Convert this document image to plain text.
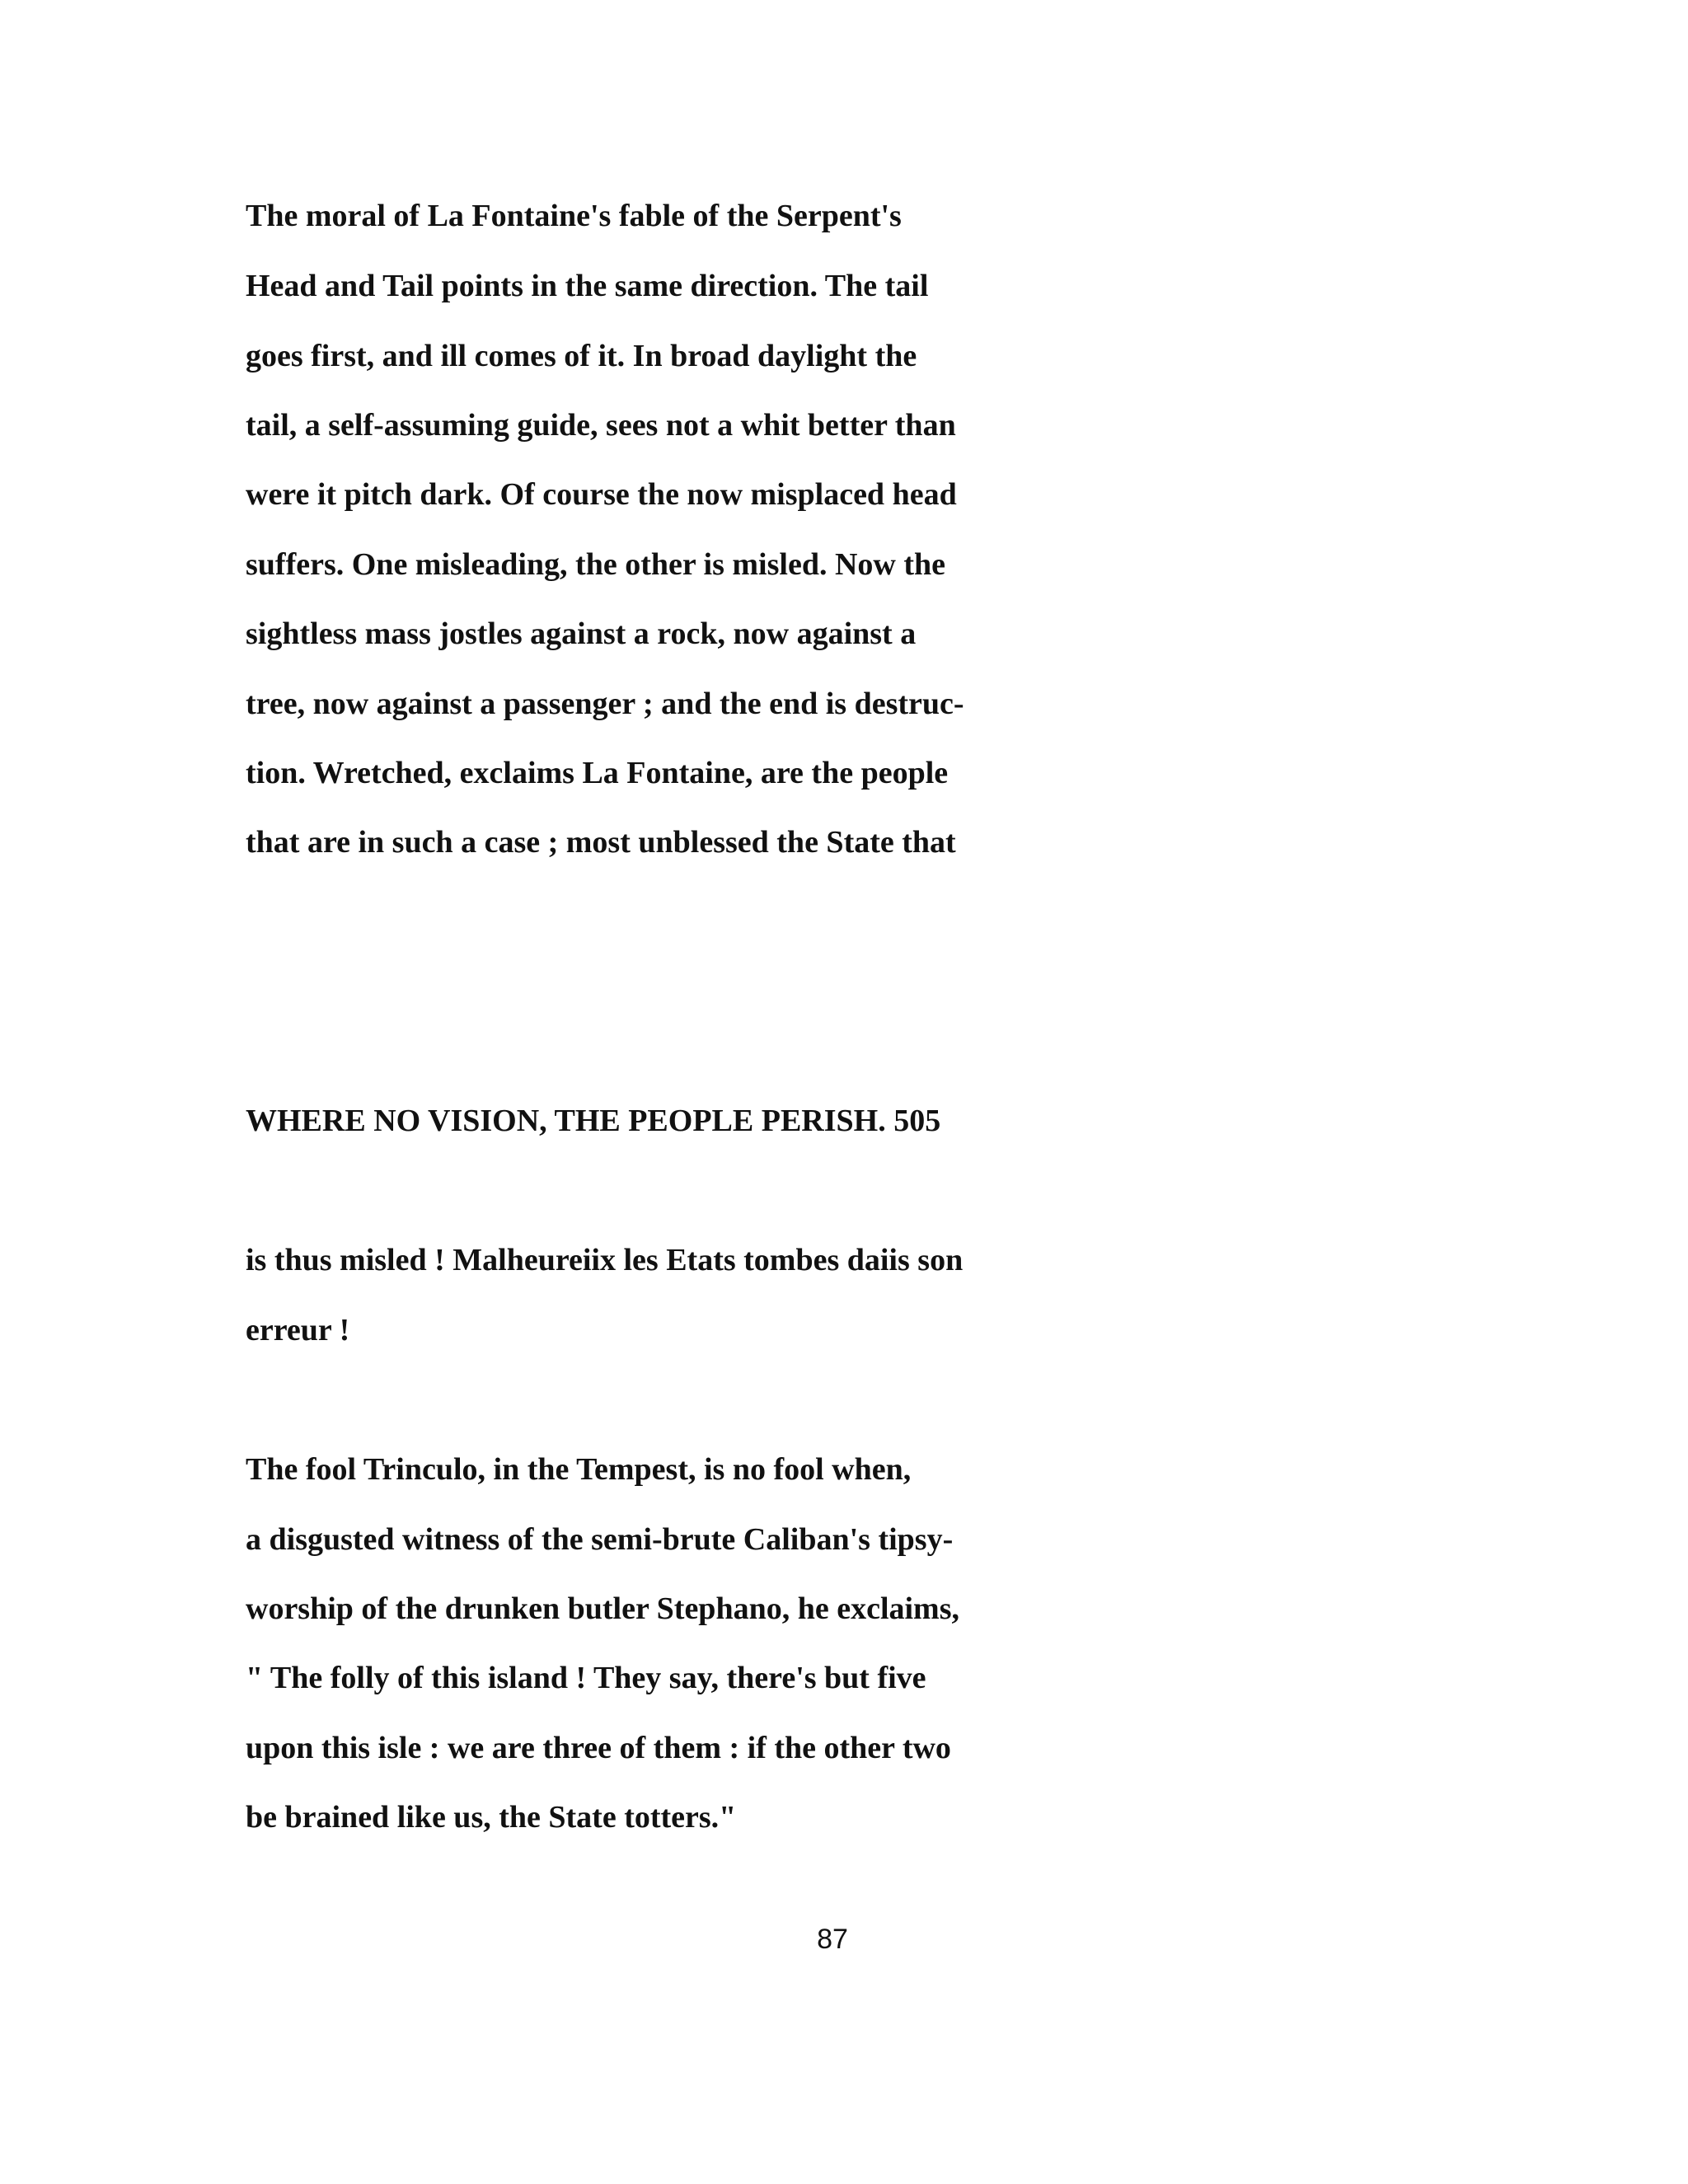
The moral of La Fontaine's fable of the Serpent's

Head and Tail points in the same direction. The tail

goes first, and ill comes of it. In broad daylight the

tail, a self-assuming guide, sees not a whit better than

were it pitch dark. Of course the now misplaced head

suffers. One misleading, the other is misled. Now the

sightless mass jostles against a rock, now against a

tree, now against a passenger ; and the end is destruc-

tion. Wretched, exclaims La Fontaine, are the people

that are in such a case ; most unblessed the State that

WHERE NO VISION, THE PEOPLE PERISH. 505

is thus misled ! Malheureiix les Etats tombes daiis son

erreur !

The fool Trinculo, in the Tempest, is no fool when,

a disgusted witness of the semi-brute Caliban's tipsy-

worship of the drunken butler Stephano, he exclaims,

" The folly of this island ! They say, there's but five

upon this isle : we are three of them : if the other two

be brained like us, the State totters."

87
